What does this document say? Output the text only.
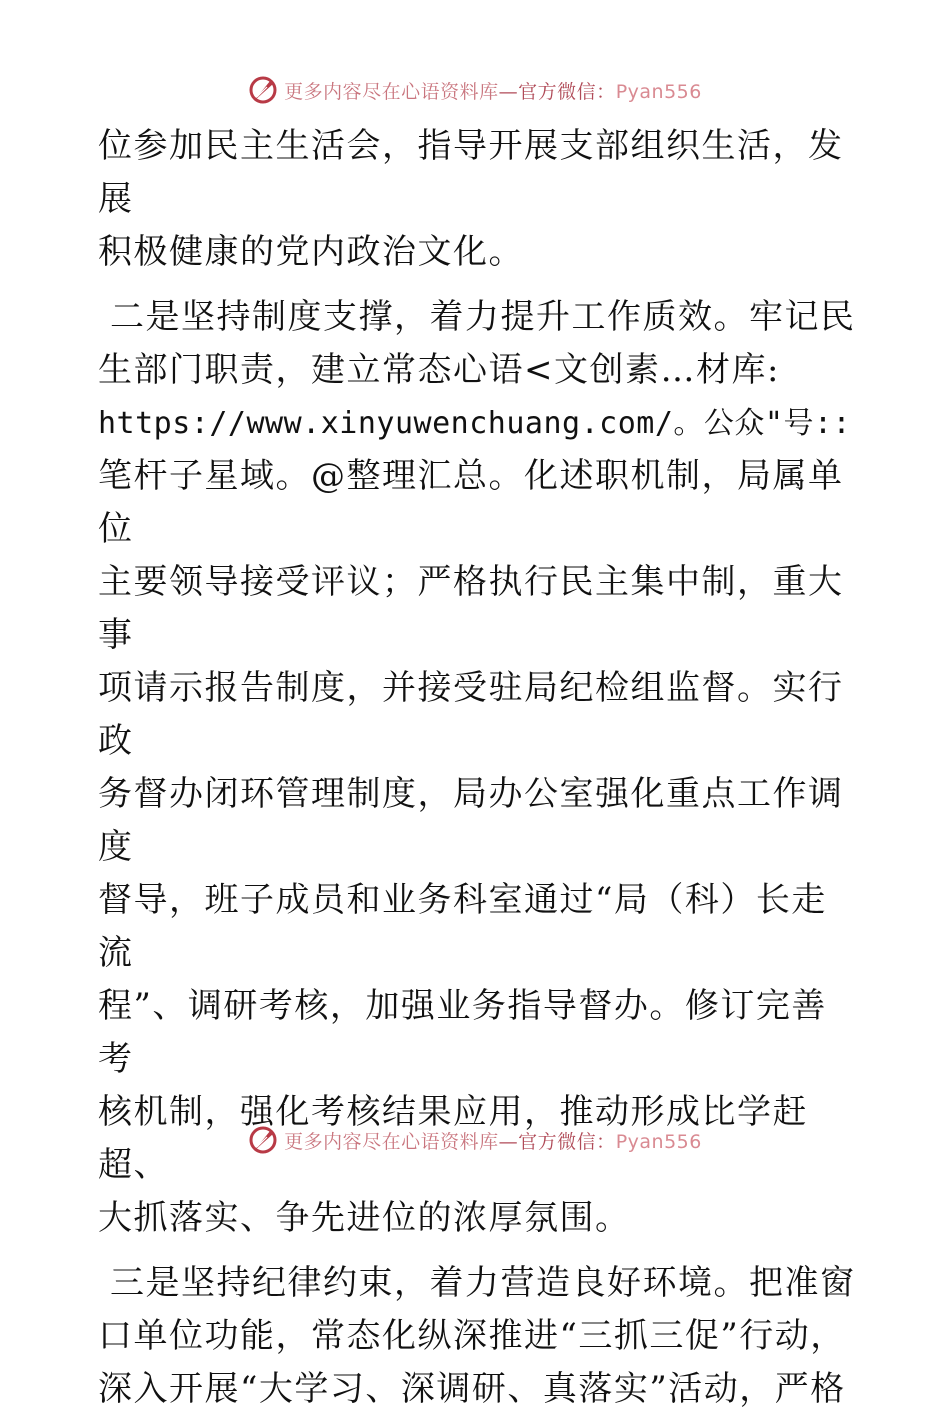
更多内容尽在心语资料库—官方微信：Pyan556
位参加民主生活会，指导开展支部组织生活，发展
积极健康的党内政治文化。
二是坚持制度支撑，着力提升工作质效。牢记民
生部门职责，建立常态心语<文创素…材库:
https://www.xinyuwenchuang.com/。公众"号::
笔杆子星域。@整理汇总。化述职机制，局属单位
主要领导接受评议；严格执行民主集中制，重大事
项请示报告制度，并接受驻局纪检组监督。实行政
务督办闭环管理制度，局办公室强化重点工作调度
督导，班子成员和业务科室通过“局（科）长走流
程”、调研考核，加强业务指导督办。修订完善考
核机制，强化考核结果应用，推动形成比学赶超、
大抓落实、争先进位的浓厚氛围。
三是坚持纪律约束，着力营造良好环境。把准窗
口单位功能，常态化纵深推进“三抓三促”行动，
深入开展“大学习、深调研、真落实”活动，严格
更多内容尽在心语资料库—官方微信：Pyan556
